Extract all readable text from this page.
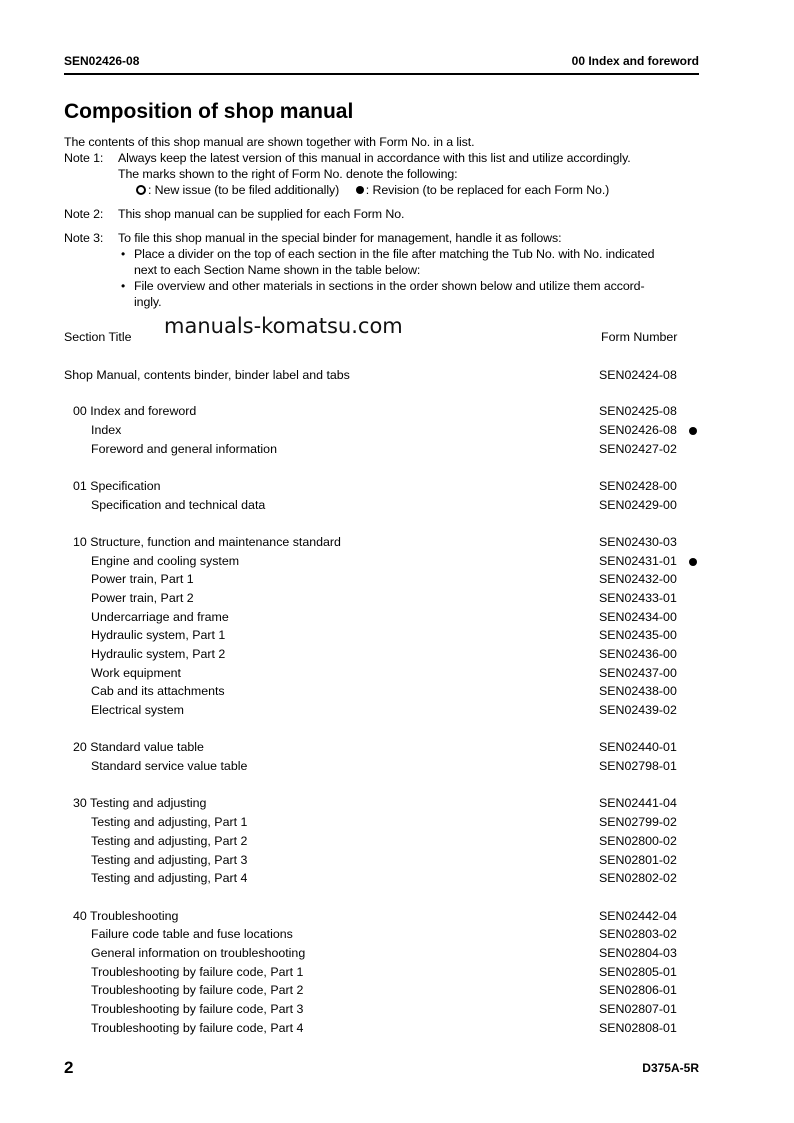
SEN02426-08	00 Index and foreword
Composition of shop manual
The contents of this shop manual are shown together with Form No. in a list.
Note 1: Always keep the latest version of this manual in accordance with this list and utilize accordingly.
The marks shown to the right of Form No. denote the following:
: New issue (to be filed additionally) : Revision (to be replaced for each Form No.)
Note 2: This shop manual can be supplied for each Form No.
Note 3: To file this shop manual in the special binder for management, handle it as follows:
• Place a divider on the top of each section in the file after matching the Tub No. with No. indicated
next to each Section Name shown in the table below:
• File overview and other materials in sections in the order shown below and utilize them accord-
ingly.
manuals-komatsu.com
Section Title	Form Number
Shop Manual, contents binder, binder label and tabs	SEN02424-08
00 Index and foreword	SEN02425-08
Index	SEN02426-08
Foreword and general information	SEN02427-02
01 Specification	SEN02428-00
Specification and technical data	SEN02429-00
10 Structure, function and maintenance standard	SEN02430-03
Engine and cooling system	SEN02431-01
Power train, Part 1	SEN02432-00
Power train, Part 2	SEN02433-01
Undercarriage and frame	SEN02434-00
Hydraulic system, Part 1	SEN02435-00
Hydraulic system, Part 2	SEN02436-00
Work equipment	SEN02437-00
Cab and its attachments	SEN02438-00
Electrical system	SEN02439-02
20 Standard value table	SEN02440-01
Standard service value table	SEN02798-01
30 Testing and adjusting	SEN02441-04
Testing and adjusting, Part 1	SEN02799-02
Testing and adjusting, Part 2	SEN02800-02
Testing and adjusting, Part 3	SEN02801-02
Testing and adjusting, Part 4	SEN02802-02
40 Troubleshooting	SEN02442-04
Failure code table and fuse locations	SEN02803-02
General information on troubleshooting	SEN02804-03
Troubleshooting by failure code, Part 1	SEN02805-01
Troubleshooting by failure code, Part 2	SEN02806-01
Troubleshooting by failure code, Part 3	SEN02807-01
Troubleshooting by failure code, Part 4	SEN02808-01
2	D375A-5R
